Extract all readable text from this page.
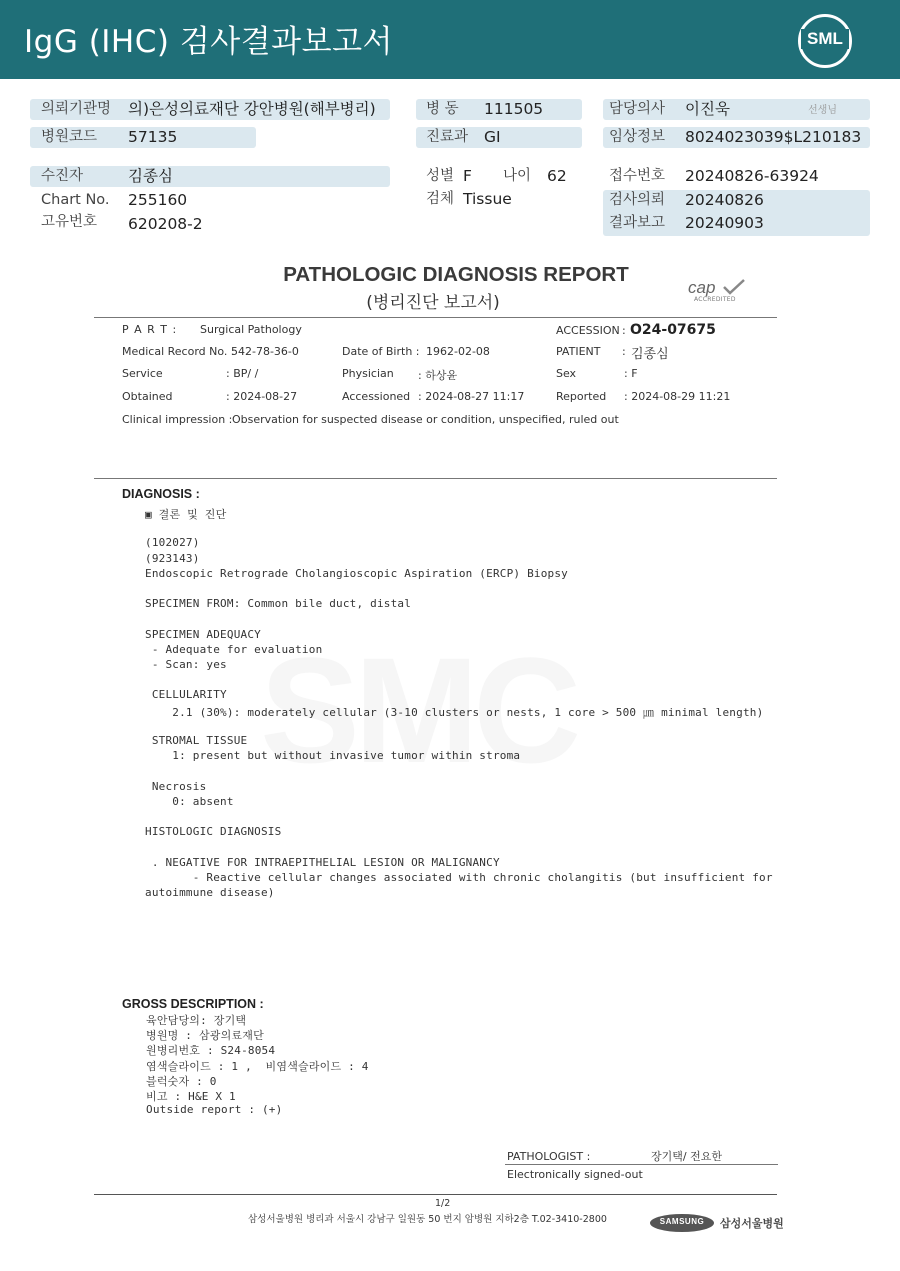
IgG (IHC) 검사결과보고서	SML
의뢰기관명 의)은성의료재단 강안병원(해부병리)
병원코드 57135
병 동 111505
진료과 GI
담당의사 이진욱	선생님
임상정보 8024023039$L210183
수진자	김종심
Chart No. 255160
고유번호 620208-2
성별 F 나이 62
검체 Tissue
접수번호 20240826-63924
검사의뢰 20240826
결과보고 20240903
PATHOLOGIC DIAGNOSIS REPORT
(병리진단 보고서)
cap
ACCREDITED
P A R T : Surgical Pathology	ACCESSION : O24-07675
Medical Record No. :
542-78-36-0	Date of Birth : 1962-02-08	PATIENT : 김종심
Service	: BP/ /	Physician : 하상윤	Sex	: F
Obtained	: 2024-08-27	Accessioned : 2024-08-27 11:17	Reported : 2024-08-29 11:21
Clinical impression : Observation for suspected disease or condition, unspecified, ruled out
DIAGNOSIS :
▣ 결론 및 진단
(102027)
(923143)
Endoscopic Retrograde Cholangioscopic Aspiration (ERCP) Biopsy
SPECIMEN FROM: Common bile duct, distal
SPECIMEN ADEQUACY
- Adequate for evaluation
- Scan: yes
CELLULARITY
2.1 (30%): moderately cellular (3-10 clusters or nests, 1 core > 500 ㎛ minimal length)
STROMAL TISSUE
1: present but without invasive tumor within stroma
Necrosis
0: absent
HISTOLOGIC DIAGNOSIS
. NEGATIVE FOR INTRAEPITHELIAL LESION OR MALIGNANCY
- Reactive cellular changes associated with chronic cholangitis (but insufficient for
autoimmune disease)
GROSS DESCRIPTION :
육안담당의: 장기택
병원명 : 삼광의료재단
원병리번호 : S24-8054
염색슬라이드 : 1 ,  비염색슬라이드 : 4
블럭숫자 : 0
비고 : H&E X 1
Outside report : (+)
PATHOLOGIST :	장기택/ 전요한
Electronically signed-out
1/2
삼성서울병원 병리과 서울시 강남구 일원동 50 번지 암병원 지하2층 T.02-3410-2800	SAMSUNG	삼성서울병원
